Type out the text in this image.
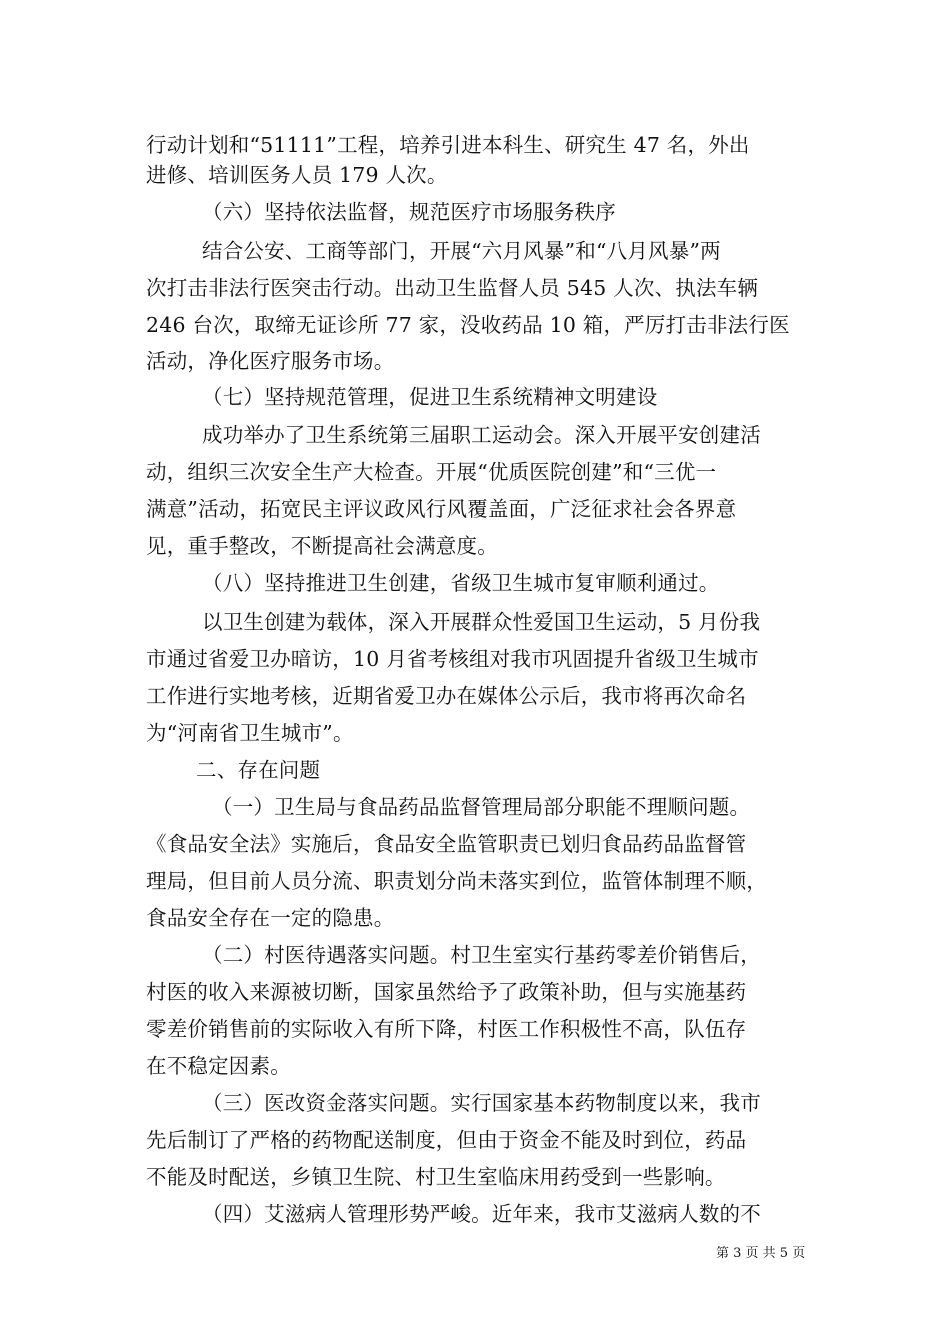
行动计划和“51111”工程，培养引进本科生、研究生 47 名，外出
进修、培训医务人员 179 人次。
（六）坚持依法监督，规范医疗市场服务秩序
结合公安、工商等部门，开展“六月风暴”和“八月风暴”两
次打击非法行医突击行动。出动卫生监督人员 545 人次、执法车辆
246 台次，取缔无证诊所 77 家，没收药品 10 箱，严厉打击非法行医
活动，净化医疗服务市场。
（七）坚持规范管理，促进卫生系统精神文明建设
成功举办了卫生系统第三届职工运动会。深入开展平安创建活
动，组织三次安全生产大检查。开展“优质医院创建”和“三优一
满意”活动，拓宽民主评议政风行风覆盖面，广泛征求社会各界意
见，重手整改，不断提高社会满意度。
（八）坚持推进卫生创建，省级卫生城市复审顺利通过。
以卫生创建为载体，深入开展群众性爱国卫生运动，5 月份我
市通过省爱卫办暗访，10 月省考核组对我市巩固提升省级卫生城市
工作进行实地考核，近期省爱卫办在媒体公示后，我市将再次命名
为“河南省卫生城市”。
二、存在问题
（一）卫生局与食品药品监督管理局部分职能不理顺问题。
《食品安全法》实施后，食品安全监管职责已划归食品药品监督管
理局，但目前人员分流、职责划分尚未落实到位，监管体制理不顺，
食品安全存在一定的隐患。
（二）村医待遇落实问题。村卫生室实行基药零差价销售后，
村医的收入来源被切断，国家虽然给予了政策补助，但与实施基药
零差价销售前的实际收入有所下降，村医工作积极性不高，队伍存
在不稳定因素。
（三）医改资金落实问题。实行国家基本药物制度以来，我市
先后制订了严格的药物配送制度，但由于资金不能及时到位，药品
不能及时配送，乡镇卫生院、村卫生室临床用药受到一些影响。
（四）艾滋病人管理形势严峻。近年来，我市艾滋病人数的不
第 3 页 共 5 页
